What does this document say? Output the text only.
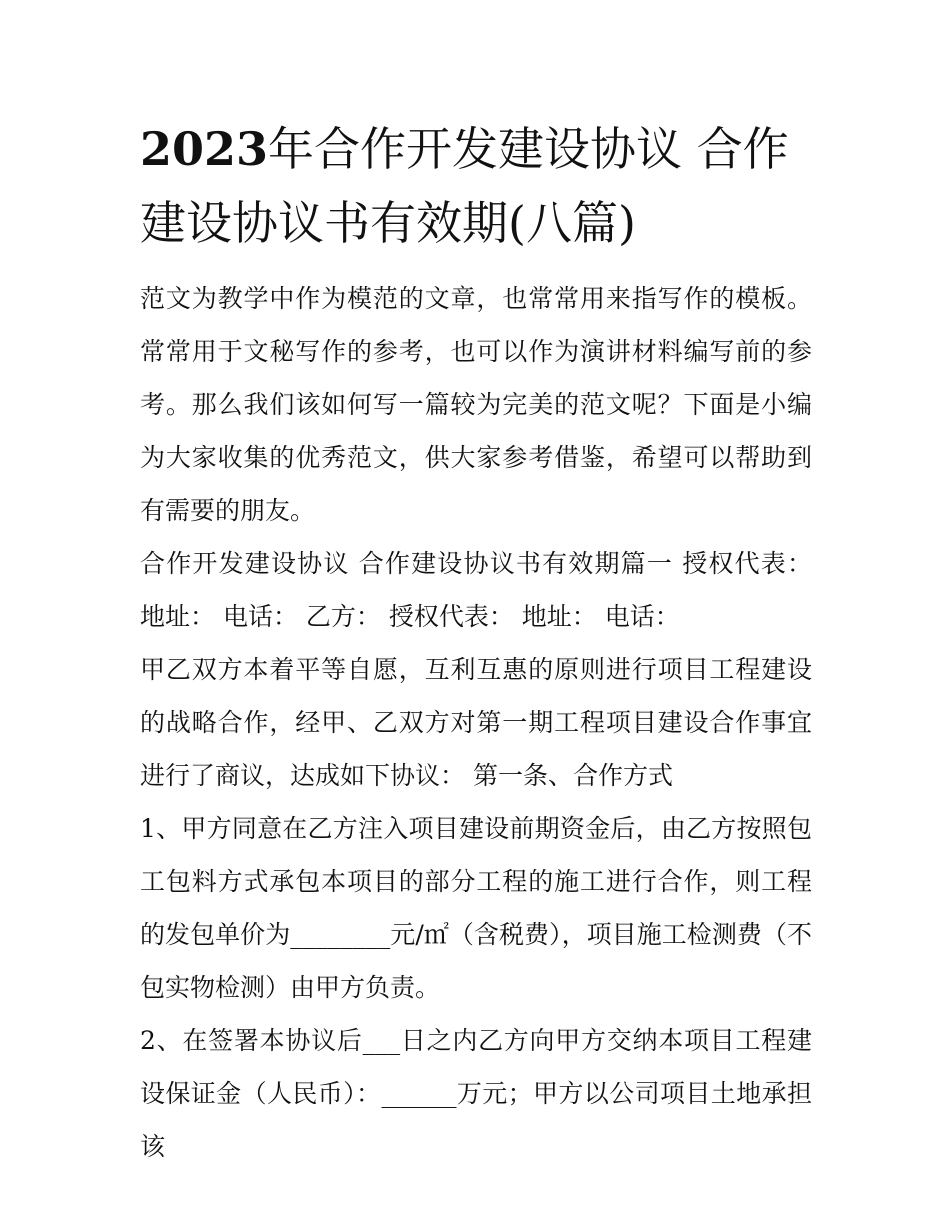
2023年合作开发建设协议 合作建设协议书有效期(八篇)

范文为教学中作为模范的文章，也常常用来指写作的模板。常常用于文秘写作的参考，也可以作为演讲材料编写前的参考。那么我们该如何写一篇较为完美的范文呢？下面是小编为大家收集的优秀范文，供大家参考借鉴，希望可以帮助到有需要的朋友。

合作开发建设协议 合作建设协议书有效期篇一 授权代表： 地址： 电话： 乙方： 授权代表： 地址： 电话：

甲乙双方本着平等自愿，互利互惠的原则进行项目工程建设的战略合作，经甲、乙双方对第一期工程项目建设合作事宜进行了商议，达成如下协议： 第一条、合作方式

1、甲方同意在乙方注入项目建设前期资金后，由乙方按照包工包料方式承包本项目的部分工程的施工进行合作，则工程的发包单价为________元/㎡（含税费），项目施工检测费（不包实物检测）由甲方负责。

2、在签署本协议后___日之内乙方向甲方交纳本项目工程建设保证金（人民币）：______万元；甲方以公司项目土地承担该
